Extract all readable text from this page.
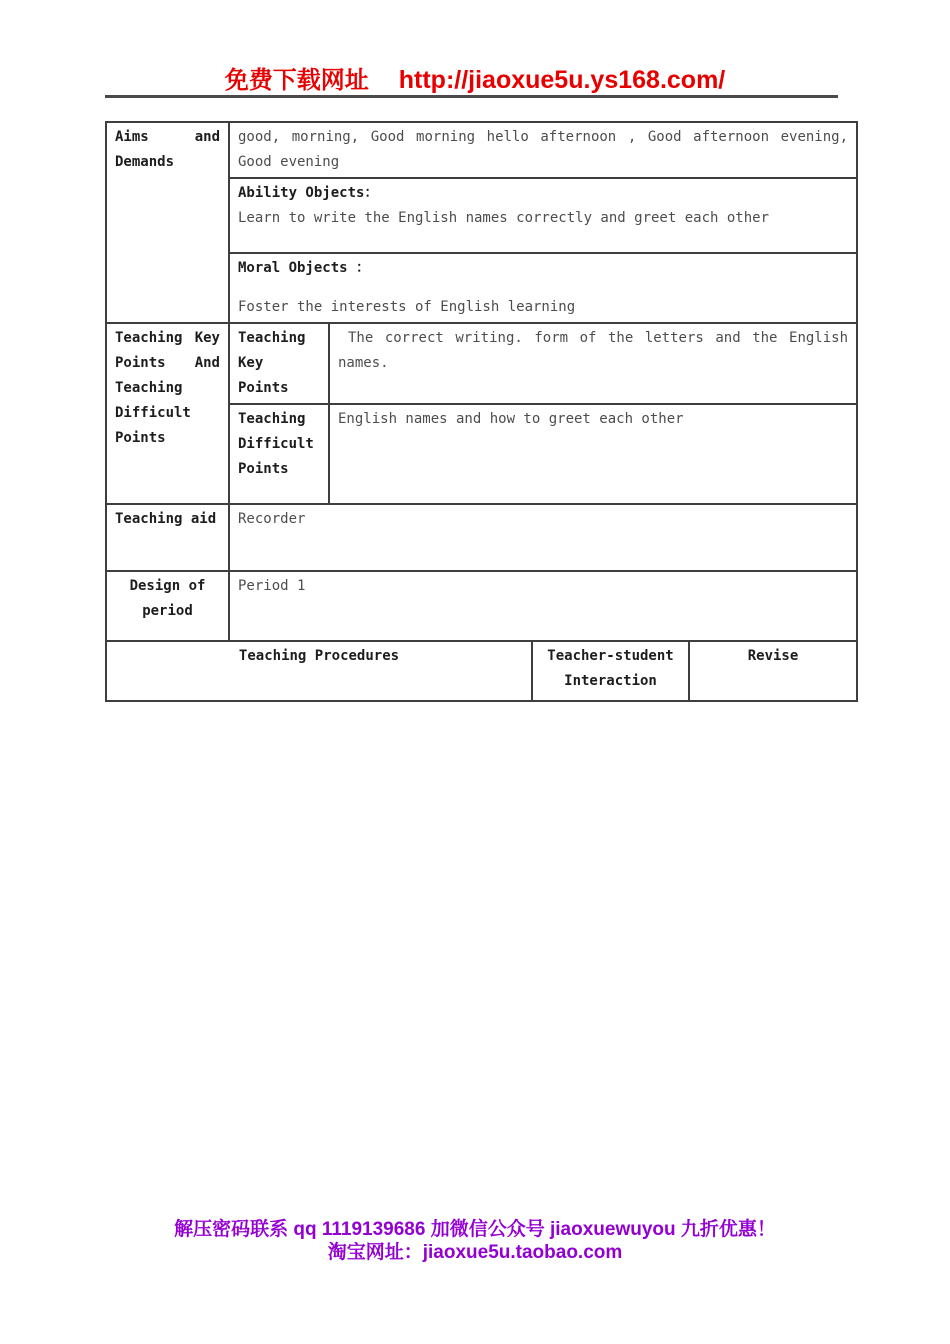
免费下载网址 http://jiaoxue5u.ys168.com/
Aims and Demands	good, morning, Good morning hello afternoon , Good afternoon evening, Good evening			

	Ability Objects：
Learn to write the English names correctly and greet each other			

	Moral Objects ：
Foster the interests of English learning			

Teaching Key Points And Teaching Difficult Points	Teaching Key Points	The correct writing. form of the letters and the English names.		
	Teaching Difficult Points	English names and how to greet each other		
Teaching aid	Recorder			
Design of period	Period 1			
Teaching Procedures			Teacher-student Interaction	Revise
解压密码联系 qq 1119139686 加微信公众号 jiaoxuewuyou 九折优惠！
淘宝网址：jiaoxue5u.taobao.com
